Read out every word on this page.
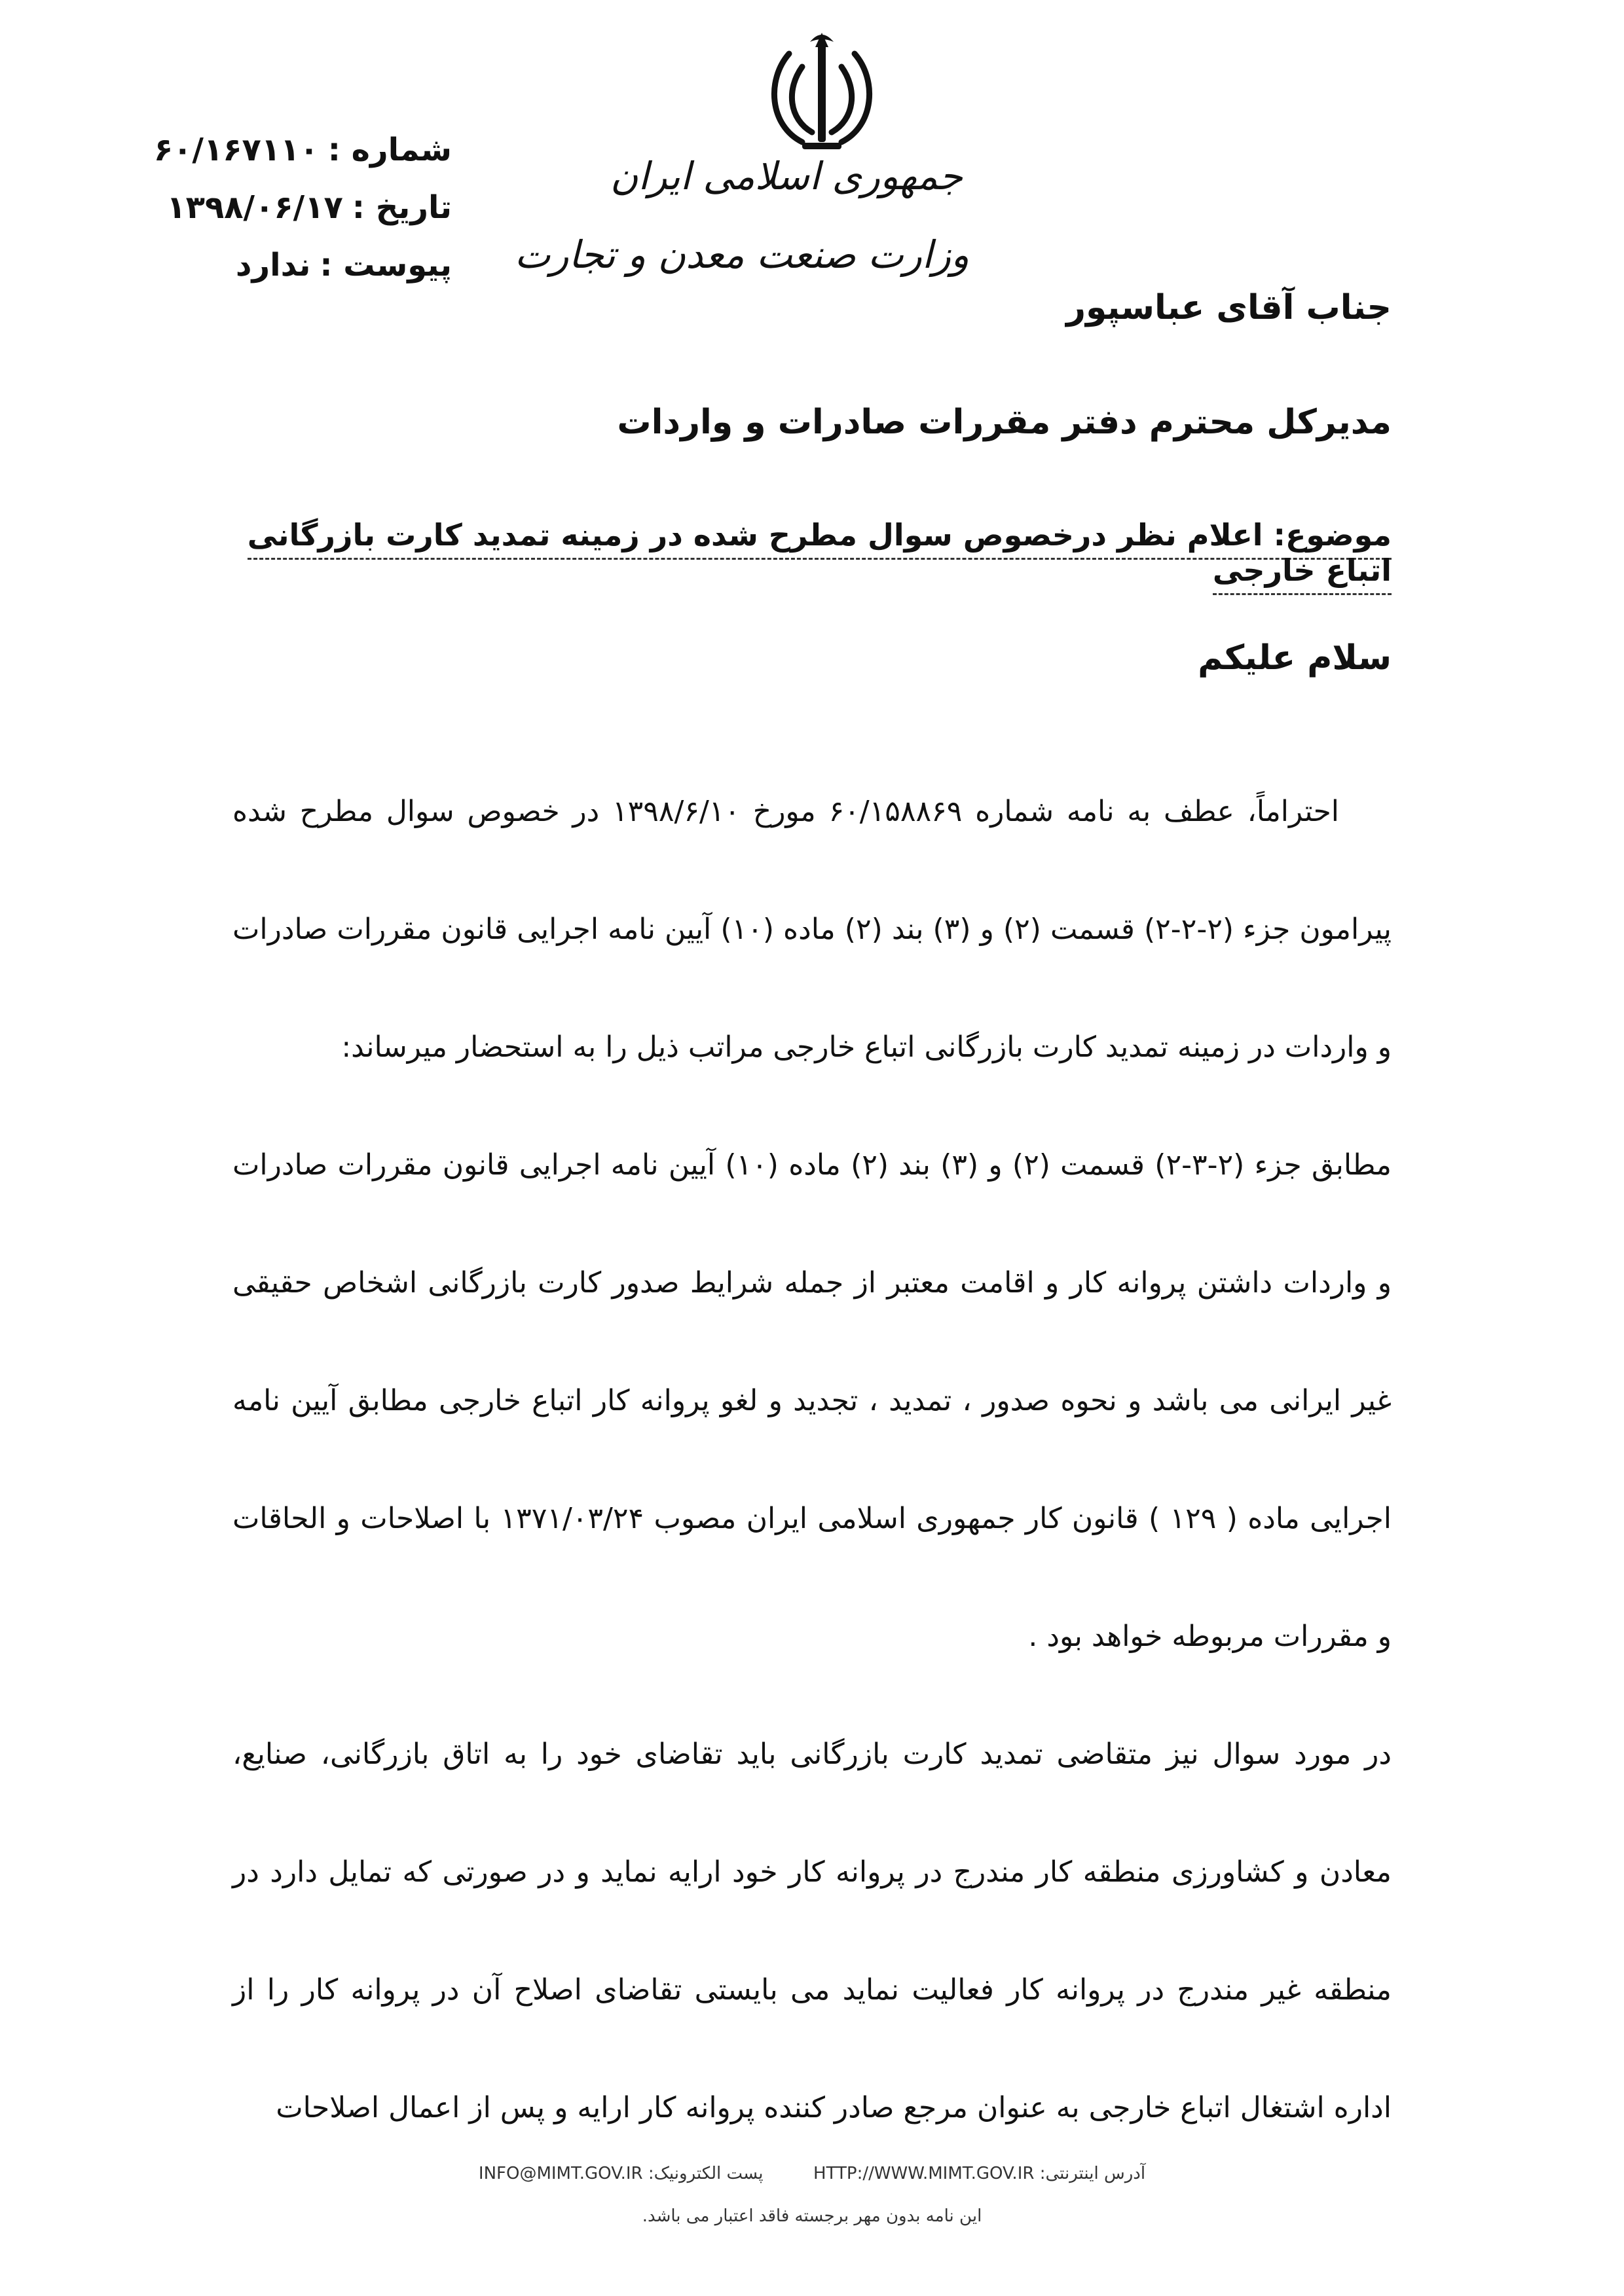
جمهوری اسلامی ایران
وزارت صنعت معدن و تجارت
شماره :
۶۰/۱۶۷۱۱۰
تاریخ :
۱۳۹۸/۰۶/۱۷
پیوست :
ندارد
جناب آقای عباسپور
مدیرکل محترم دفتر مقررات صادرات و واردات
موضوع: اعلام نظر درخصوص سوال مطرح شده در زمینه تمدید کارت بازرگانی اتباع خارجی
سلام علیکم

احتراماً، عطف به نامه شماره ۶۰/۱۵۸۸۶۹ مورخ ۱۳۹۸/۶/۱۰ در خصوص سوال مطرح شده پیرامون جزء (۲-۲-۲) قسمت (۲) و (۳) بند (۲) ماده (۱۰) آیین نامه اجرایی قانون مقررات صادرات و واردات در زمینه تمدید کارت بازرگانی اتباع خارجی مراتب ذیل را به استحضار میرساند:

مطابق جزء (۲-۳-۲) قسمت (۲) و (۳) بند (۲) ماده (۱۰) آیین نامه اجرایی قانون مقررات صادرات و واردات داشتن پروانه کار و اقامت معتبر از جمله شرایط صدور کارت بازرگانی اشخاص حقیقی غیر ایرانی می باشد و نحوه صدور ، تمدید ، تجدید و لغو پروانه کار اتباع خارجی مطابق آیین نامه اجرایی ماده ( ۱۲۹ ) قانون کار جمهوری اسلامی ایران مصوب ۱۳۷۱/۰۳/۲۴ با اصلاحات و الحاقات و مقررات مربوطه خواهد بود .

در مورد سوال نیز متقاضی تمدید کارت بازرگانی باید تقاضای خود را به اتاق بازرگانی، صنایع، معادن و کشاورزی منطقه کار مندرج در پروانه کار خود ارایه نماید و در صورتی که تمایل دارد در منطقه غیر مندرج در پروانه کار فعالیت نماید می بایستی تقاضای اصلاح آن در پروانه کار را از اداره اشتغال اتباع خارجی به عنوان مرجع صادر کننده پروانه کار ارایه و پس از اعمال اصلاحات

آدرس اینترنتی: HTTP://WWW.MIMT.GOV.IR  پست الکترونیک: INFO@MIMT.GOV.IR
این نامه بدون مهر برجسته فاقد اعتبار می باشد.
